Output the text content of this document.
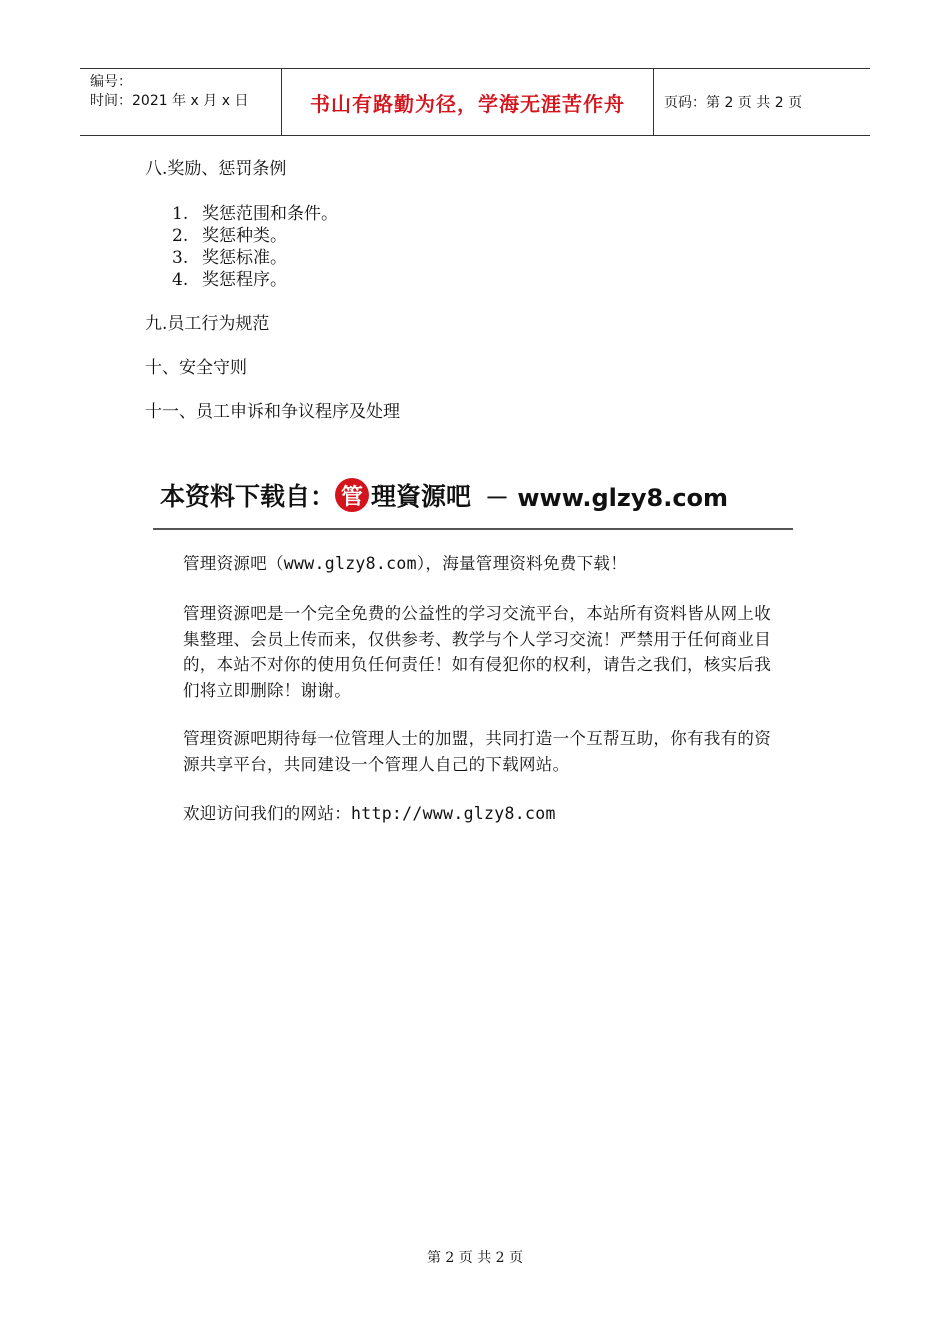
编号：
时间：2021 年 x 月 x 日	书山有路勤为径，学海无涯苦作舟	页码：第 2 页 共 2 页
八.奖励、惩罚条例
1. 奖惩范围和条件。
2. 奖惩种类。
3. 奖惩标准。
4. 奖惩程序。
九.员工行为规范
十、安全守则
十一、员工申诉和争议程序及处理
本资料下载自： 管 理資源吧 － www.glzy8.com
管理资源吧（www.glzy8.com），海量管理资料免费下载！
管理资源吧是一个完全免费的公益性的学习交流平台，本站所有资料皆从网上收集整理、会员上传而来，仅供参考、教学与个人学习交流！严禁用于任何商业目的，本站不对你的使用负任何责任！如有侵犯你的权利，请告之我们，核实后我们将立即删除！谢谢。
管理资源吧期待每一位管理人士的加盟，共同打造一个互帮互助，你有我有的资源共享平台，共同建设一个管理人自己的下载网站。
欢迎访问我们的网站：http://www.glzy8.com
第 2 页 共 2 页
